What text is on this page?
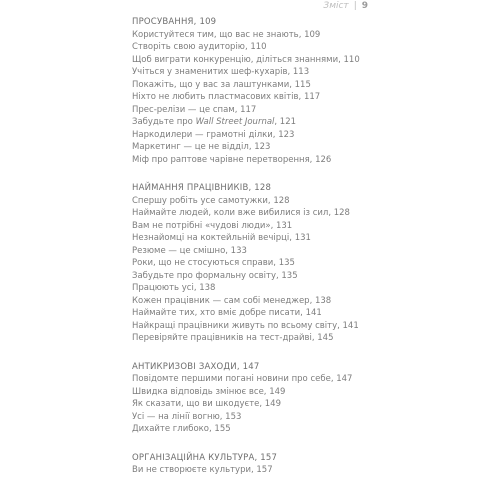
Зміст | 9
ПРОСУВАННЯ, 109
Користуйтеся тим, що вас не знають, 109
Створіть свою аудиторію, 110
Щоб виграти конкуренцію, діліться знаннями, 110
Учіться у знаменитих шеф-кухарів, 113
Покажіть, що у вас за лаштунками, 115
Ніхто не любить пластмасових квітів, 117
Прес-релізи — це спам, 117
Забудьте про Wall Street Journal, 121
Наркодилери — грамотні ділки, 123
Маркетинг — це не відділ, 123
Міф про раптове чарівне перетворення, 126
НАЙМАННЯ ПРАЦІВНИКІВ, 128
Спершу робіть усе самотужки, 128
Наймайте людей, коли вже вибилися із сил, 128
Вам не потрібні «чудові люди», 131
Незнайомці на коктейльній вечірці, 131
Резюме — це смішно, 133
Роки, що не стосуються справи, 135
Забудьте про формальну освіту, 135
Працюють усі, 138
Кожен працівник — сам собі менеджер, 138
Наймайте тих, хто вміє добре писати, 141
Найкращі працівники живуть по всьому світу, 141
Перевіряйте працівників на тест-драйві, 145
АНТИКРИЗОВІ ЗАХОДИ, 147
Повідомте першими погані новини про себе, 147
Швидка відповідь змінює все, 149
Як сказати, що ви шкодуєте, 149
Усі — на лінії вогню, 153
Дихайте глибоко, 155
ОРГАНІЗАЦІЙНА КУЛЬТУРА, 157
Ви не створюєте культури, 157
